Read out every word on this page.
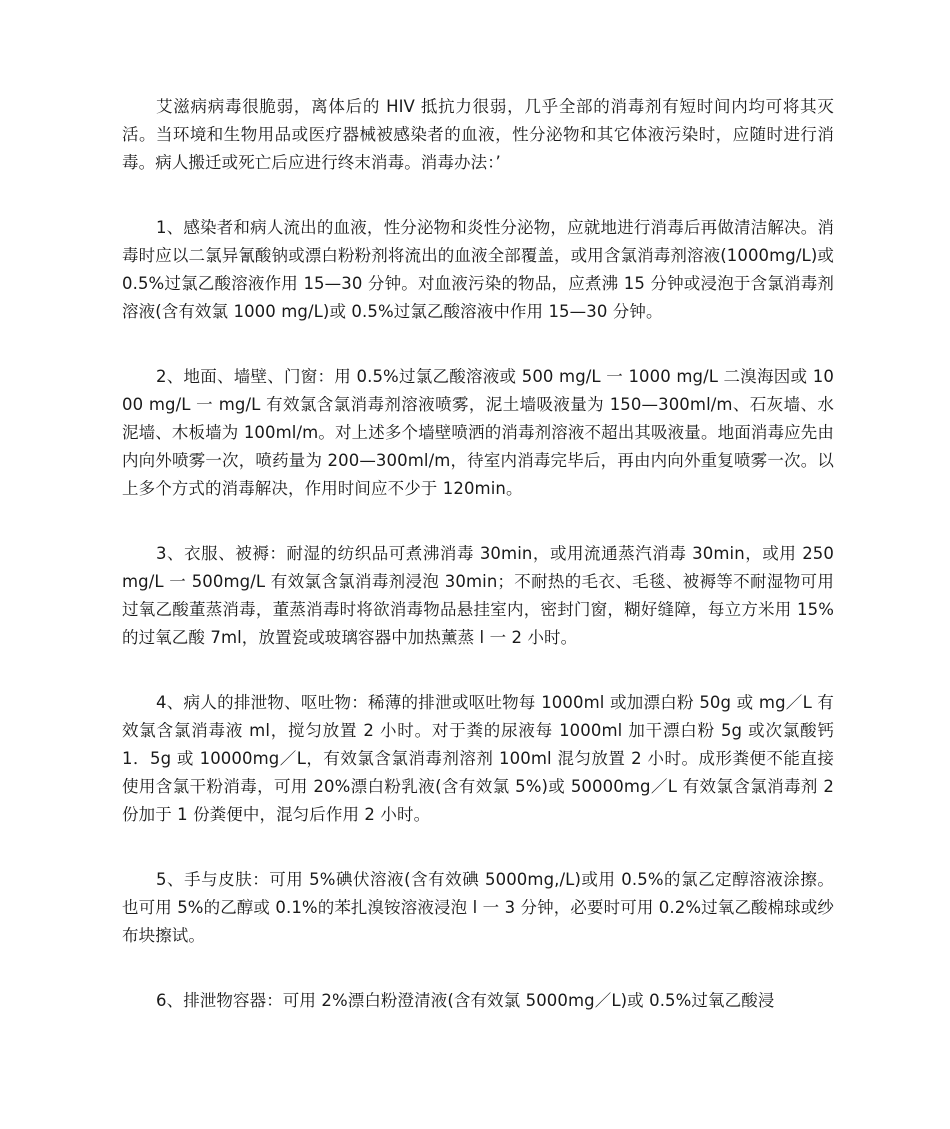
艾滋病病毒很脆弱，离体后的 HIV 抵抗力很弱，几乎全部的消毒剂有短时间内均可将其灭活。当环境和生物用品或医疗器械被感染者的血液，性分泌物和其它体液污染时，应随时进行消毒。病人搬迁或死亡后应进行终末消毒。消毒办法：’

1、感染者和病人流出的血液，性分泌物和炎性分泌物，应就地进行消毒后再做清洁解决。消毒时应以二氯异氰酸钠或漂白粉粉剂将流出的血液全部覆盖，或用含氯消毒剂溶液(1000mg/L)或 0.5%过氯乙酸溶液作用 15—30 分钟。对血液污染的物品，应煮沸 15 分钟或浸泡于含氯消毒剂溶液(含有效氯 1000 mg/L)或 0.5%过氯乙酸溶液中作用 15—30 分钟。

2、地面、墙壁、门窗：用 0.5%过氯乙酸溶液或 500 mg/L 一 1000 mg/L 二溴海因或 1000 mg/L 一 mg/L 有效氯含氯消毒剂溶液喷雾，泥土墙吸液量为 150—300ml/m、石灰墙、水泥墙、木板墙为 100ml/m。对上述多个墙壁喷洒的消毒剂溶液不超出其吸液量。地面消毒应先由内向外喷雾一次，喷药量为 200—300ml/m，待室内消毒完毕后，再由内向外重复喷雾一次。以上多个方式的消毒解决，作用时间应不少于 120min。

3、衣服、被褥：耐湿的纺织品可煮沸消毒 30min，或用流通蒸汽消毒 30min，或用 250 mg/L 一 500mg/L 有效氯含氯消毒剂浸泡 30min；不耐热的毛衣、毛毯、被褥等不耐湿物可用过氧乙酸董蒸消毒，董蒸消毒时将欲消毒物品悬挂室内，密封门窗，糊好缝障，每立方米用 15%的过氧乙酸 7ml，放置瓷或玻璃容器中加热薰蒸 l 一 2 小时。

4、病人的排泄物、呕吐物：稀薄的排泄或呕吐物每 1000ml 或加漂白粉 50g 或 mg／L 有效氯含氯消毒液 ml，搅匀放置 2 小时。对于粪的尿液每 1000ml 加干漂白粉 5g 或次氯酸钙 1．5g 或 10000mg／L，有效氯含氯消毒剂溶剂 100ml 混匀放置 2 小时。成形粪便不能直接使用含氯干粉消毒，可用 20%漂白粉乳液(含有效氯 5%)或 50000mg／L 有效氯含氯消毒剂 2 份加于 1 份粪便中，混匀后作用 2 小时。

5、手与皮肤：可用 5%碘伏溶液(含有效碘 5000mg,/L)或用 0.5%的氯乙定醇溶液涂擦。也可用 5%的乙醇或 0.1%的苯扎溴铵溶液浸泡 l 一 3 分钟，必要时可用 0.2%过氧乙酸棉球或纱布块擦试。

6、排泄物容器：可用 2%漂白粉澄清液(含有效氯 5000mg／L)或 0.5%过氧乙酸浸
